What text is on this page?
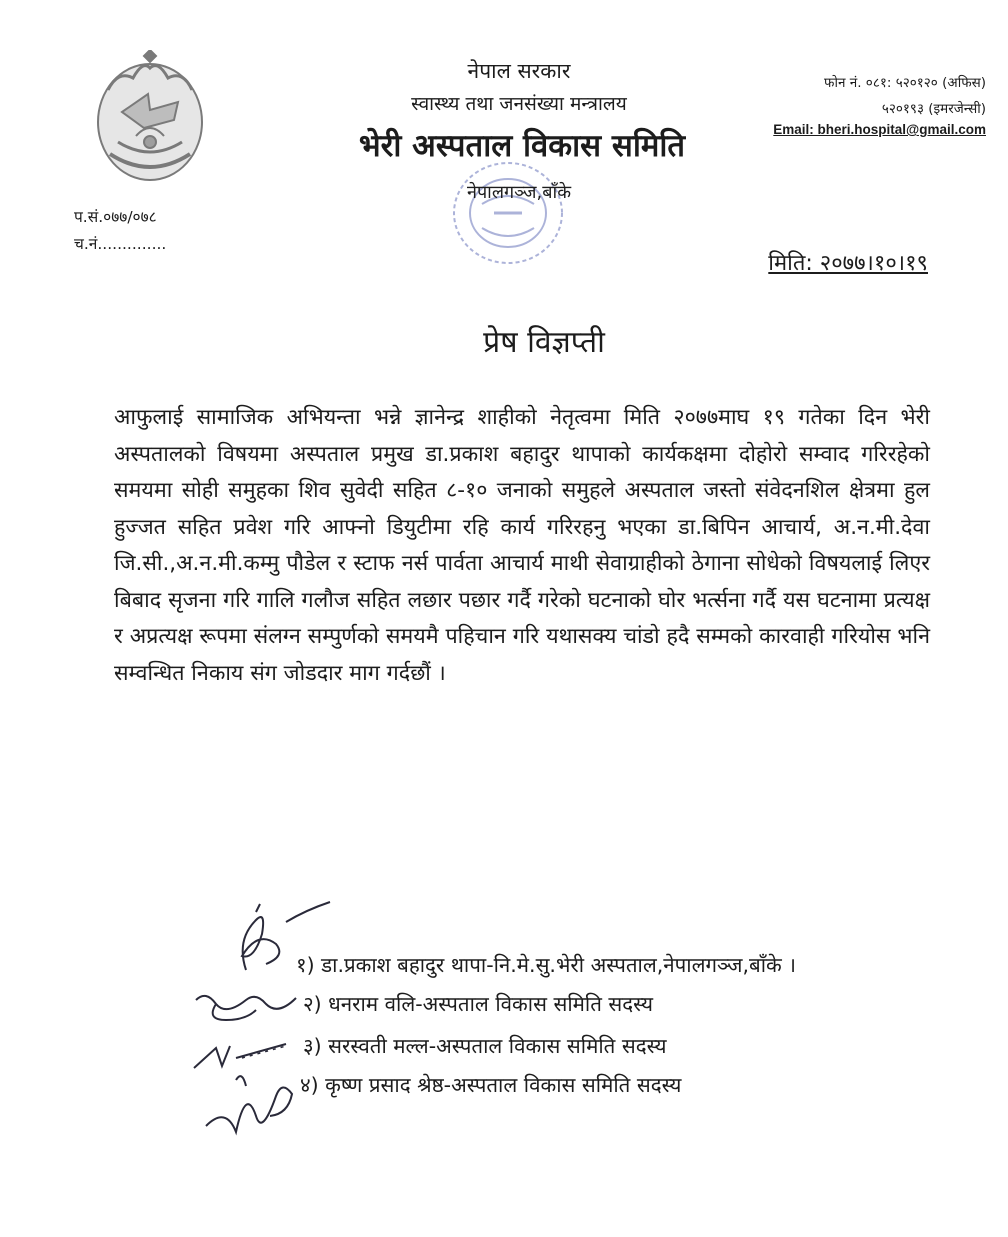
नेपाल सरकार
स्वास्थ्य तथा जनसंख्या मन्त्रालय
भेरी अस्पताल विकास समिति
नेपालगञ्ज,बाँके
फोन नं. ०८१: ५२०१२० (अफिस)
५२०१९३ (इमरजेन्सी)
Email: bheri.hospital@gmail.com
प.सं.०७७/०७८
च.नं..............
मिति: २०७७।१०।१९
प्रेष विज्ञप्ती
आफुलाई सामाजिक अभियन्ता भन्ने ज्ञानेन्द्र शाहीको नेतृत्वमा मिति २०७७माघ १९ गतेका दिन भेरी अस्पतालको विषयमा अस्पताल प्रमुख डा.प्रकाश बहादुर थापाको कार्यकक्षमा दोहोरो सम्वाद गरिरहेको समयमा सोही समुहका शिव सुवेदी सहित ८-१० जनाको समुहले अस्पताल जस्तो संवेदनशिल क्षेत्रमा हुल हुज्जत सहित प्रवेश गरि आफ्नो डियुटीमा रहि कार्य गरिरहनु भएका डा.बिपिन आचार्य, अ.न.मी.देवा जि.सी.,अ.न.मी.कम्मु पौडेल र स्टाफ नर्स पार्वता आचार्य माथी सेवाग्राहीको ठेगाना सोधेको विषयलाई लिएर बिबाद सृजना गरि गालि गलौज सहित लछार पछार गर्दै गरेको घटनाको घोर भर्त्सना गर्दै यस घटनामा प्रत्यक्ष र अप्रत्यक्ष रूपमा संलग्न सम्पुर्णको समयमै पहिचान गरि यथासक्य चांडो हदै सम्मको कारवाही गरियोस भनि सम्वन्धित निकाय संग जोडदार माग गर्दछौं ।
१) डा.प्रकाश बहादुर थापा-नि.मे.सु.भेरी अस्पताल,नेपालगञ्ज,बाँके ।
२) धनराम वलि-अस्पताल विकास समिति सदस्य
३) सरस्वती मल्ल-अस्पताल विकास समिति सदस्य
४) कृष्ण प्रसाद श्रेष्ठ-अस्पताल विकास समिति सदस्य
